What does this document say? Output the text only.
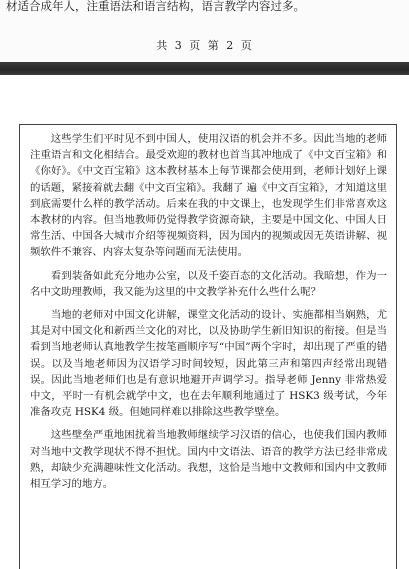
材适合成年人，注重语法和语言结构，语言教学内容过多。
共 3 页 第 2 页

这些学生们平时见不到中国人，使用汉语的机会并不多。因此当地的老师注重语言和文化相结合。最受欢迎的教材也首当其冲地成了《中文百宝箱》和《你好》。《中文百宝箱》这本教材基本上每节课都会使用到，老师计划好上课的话题，紧接着就去翻《中文百宝箱》。我翻了 遍《中文百宝箱》，才知道这里到底需要什么样的教学活动。后来在我的中文课上，也发现学生们非常喜欢这本教材的内容。但当地教师仍觉得教学资源奇缺，主要是中国文化、中国人日常生活、中国各大城市介绍等视频资料，因为国内的视频或因无英语讲解、视频软件不兼容、内容太复杂等问题而无法使用。

看到装备如此充分地办公室，以及千姿百态的文化活动。我暗想，作为一名中文助理教师，我又能为这里的中文教学补充什么些什么呢？

当地的老师对中国文化讲解，课堂文化活动的设计、实施都相当娴熟，尤其是对中国文化和新西兰文化的对比，以及协助学生新旧知识的衔接。但是当看到当地老师认真地教学生按笔画顺序写“中国”两个字时，却出现了严重的错误。以及当地老师因为汉语学习时间较短，因此第三声和第四声经常出现错误。因此当地老师们也是有意识地避开声调学习。指导老师 Jenny 非常热爱中文，平时一有机会就学中文，也在去年顺利地通过了 HSK3 级考试，今年准备攻克 HSK4 级。但她同样难以排除这些教学壁垒。

这些壁垒严重地困扰着当地教师继续学习汉语的信心，也使我们国内教师对当地中文教学现状不得不担忧。国内中文语法、语音的教学方法已经非常成熟，却缺少充满趣味性文化活动。我想，这恰是当地中文教师和国内中文教师相互学习的地方。
